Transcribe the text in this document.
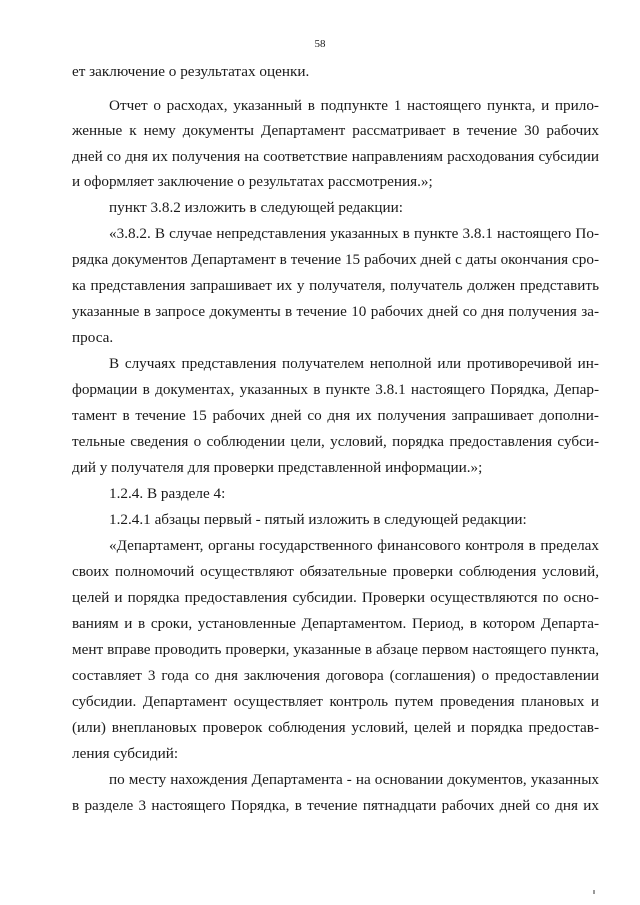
58
ет заключение о результатах оценки.
Отчет о расходах, указанный в подпункте 1 настоящего пункта, и прило-
женные к нему документы Департамент рассматривает в течение 30 рабочих
дней со дня их получения на соответствие направлениям расходования субсидии
и оформляет заключение о результатах рассмотрения.»;
пункт 3.8.2 изложить в следующей редакции:
«3.8.2. В случае непредставления указанных в пункте 3.8.1 настоящего По-
рядка документов Департамент в течение 15 рабочих дней с даты окончания сро-
ка представления запрашивает их у получателя, получатель должен представить
указанные в запросе документы в течение 10 рабочих дней со дня получения за-
проса.
В случаях представления получателем неполной или противоречивой ин-
формации в документах, указанных в пункте 3.8.1 настоящего Порядка, Депар-
тамент в течение 15 рабочих дней со дня их получения запрашивает дополни-
тельные сведения о соблюдении цели, условий, порядка предоставления субси-
дий у получателя для проверки представленной информации.»;
1.2.4. В разделе 4:
1.2.4.1 абзацы первый - пятый изложить в следующей редакции:
«Департамент, органы государственного финансового контроля в пределах
своих полномочий осуществляют обязательные проверки соблюдения условий,
целей и порядка предоставления субсидии. Проверки осуществляются по осно-
ваниям и в сроки, установленные Департаментом. Период, в котором Департа-
мент вправе проводить проверки, указанные в абзаце первом настоящего пункта,
составляет 3 года со дня заключения договора (соглашения) о предоставлении
субсидии. Департамент осуществляет контроль путем проведения плановых и
(или) внеплановых проверок соблюдения условий, целей и порядка предостав-
ления субсидий:
по месту нахождения Департамента - на основании документов, указанных
в разделе 3 настоящего Порядка, в течение пятнадцати рабочих дней со дня их
